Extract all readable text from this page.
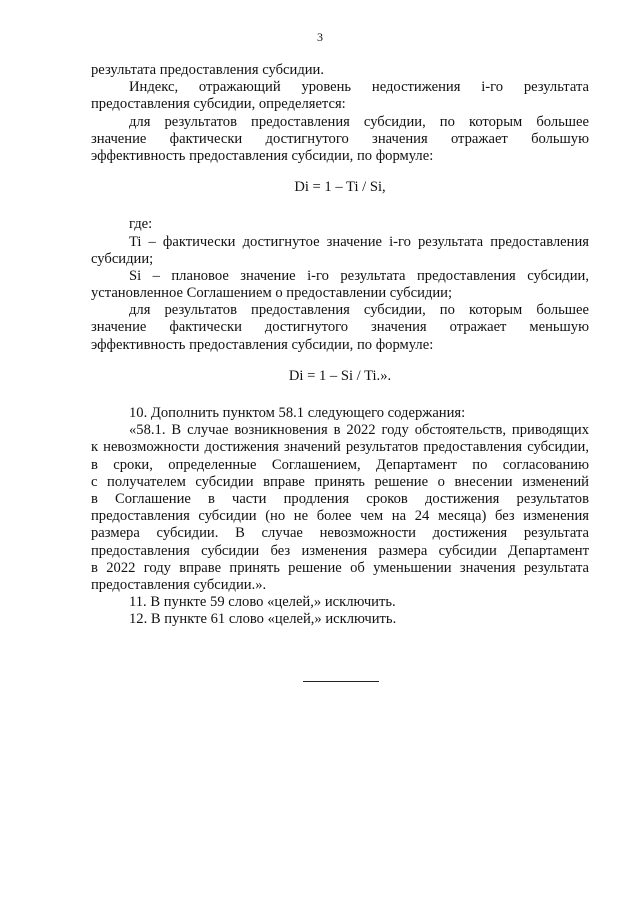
3
результата предоставления субсидии.
Индекс, отражающий уровень недостижения i-го результата
предоставления субсидии, определяется:
для результатов предоставления субсидии, по которым большее
значение фактически достигнутого значения отражает большую
эффективность предоставления субсидии, по формуле:
Di = 1 – Ti / Si,
где:
Ti – фактически достигнутое значение i-го результата предоставления
субсидии;
Si – плановое значение i-го результата предоставления субсидии,
установленное Соглашением о предоставлении субсидии;
для результатов предоставления субсидии, по которым большее
значение фактически достигнутого значения отражает меньшую
эффективность предоставления субсидии, по формуле:
Di = 1 – Si / Ti.».
10. Дополнить пунктом 58.1 следующего содержания:
«58.1. В случае возникновения в 2022 году обстоятельств, приводящих
к невозможности достижения значений результатов предоставления субсидии,
в сроки, определенные Соглашением, Департамент по согласованию
с получателем субсидии вправе принять решение о внесении изменений
в Соглашение в части продления сроков достижения результатов
предоставления субсидии (но не более чем на 24 месяца) без изменения
размера субсидии. В случае невозможности достижения результата
предоставления субсидии без изменения размера субсидии Департамент
в 2022 году вправе принять решение об уменьшении значения результата
предоставления субсидии.».
11. В пункте 59 слово «целей,» исключить.
12. В пункте 61 слово «целей,» исключить.
